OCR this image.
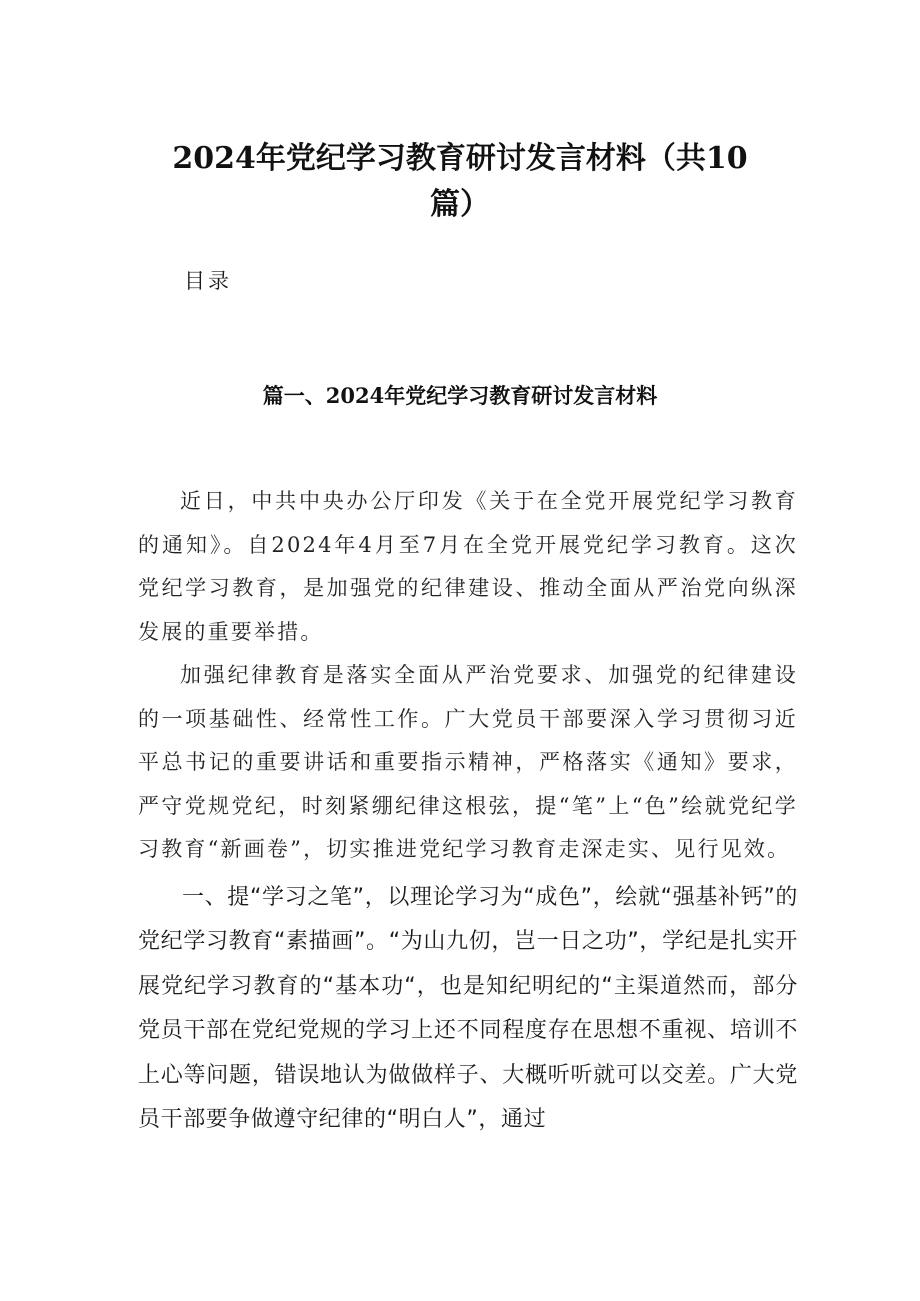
2024年党纪学习教育研讨发言材料（共10
篇）
目录
篇一、2024年党纪学习教育研讨发言材料

近日，中共中央办公厅印发《关于在全党开展党纪学习教育的通知》。自2024年4月至7月在全党开展党纪学习教育。这次党纪学习教育，是加强党的纪律建设、推动全面从严治党向纵深发展的重要举措。

加强纪律教育是落实全面从严治党要求、加强党的纪律建设的一项基础性、经常性工作。广大党员干部要深入学习贯彻习近平总书记的重要讲话和重要指示精神，严格落实《通知》要求，严守党规党纪，时刻紧绷纪律这根弦，提“笔”上“色”绘就党纪学习教育“新画卷”，切实推进党纪学习教育走深走实、见行见效。

一、提“学习之笔”，以理论学习为“成色”，绘就“强基补钙”的党纪学习教育“素描画”。“为山九仞，岂一日之功”，学纪是扎实开展党纪学习教育的“基本功“，也是知纪明纪的“主渠道然而，部分党员干部在党纪党规的学习上还不同程度存在思想不重视、培训不上心等问题，错误地认为做做样子、大概听听就可以交差。广大党员干部要争做遵守纪律的“明白人”，通过
